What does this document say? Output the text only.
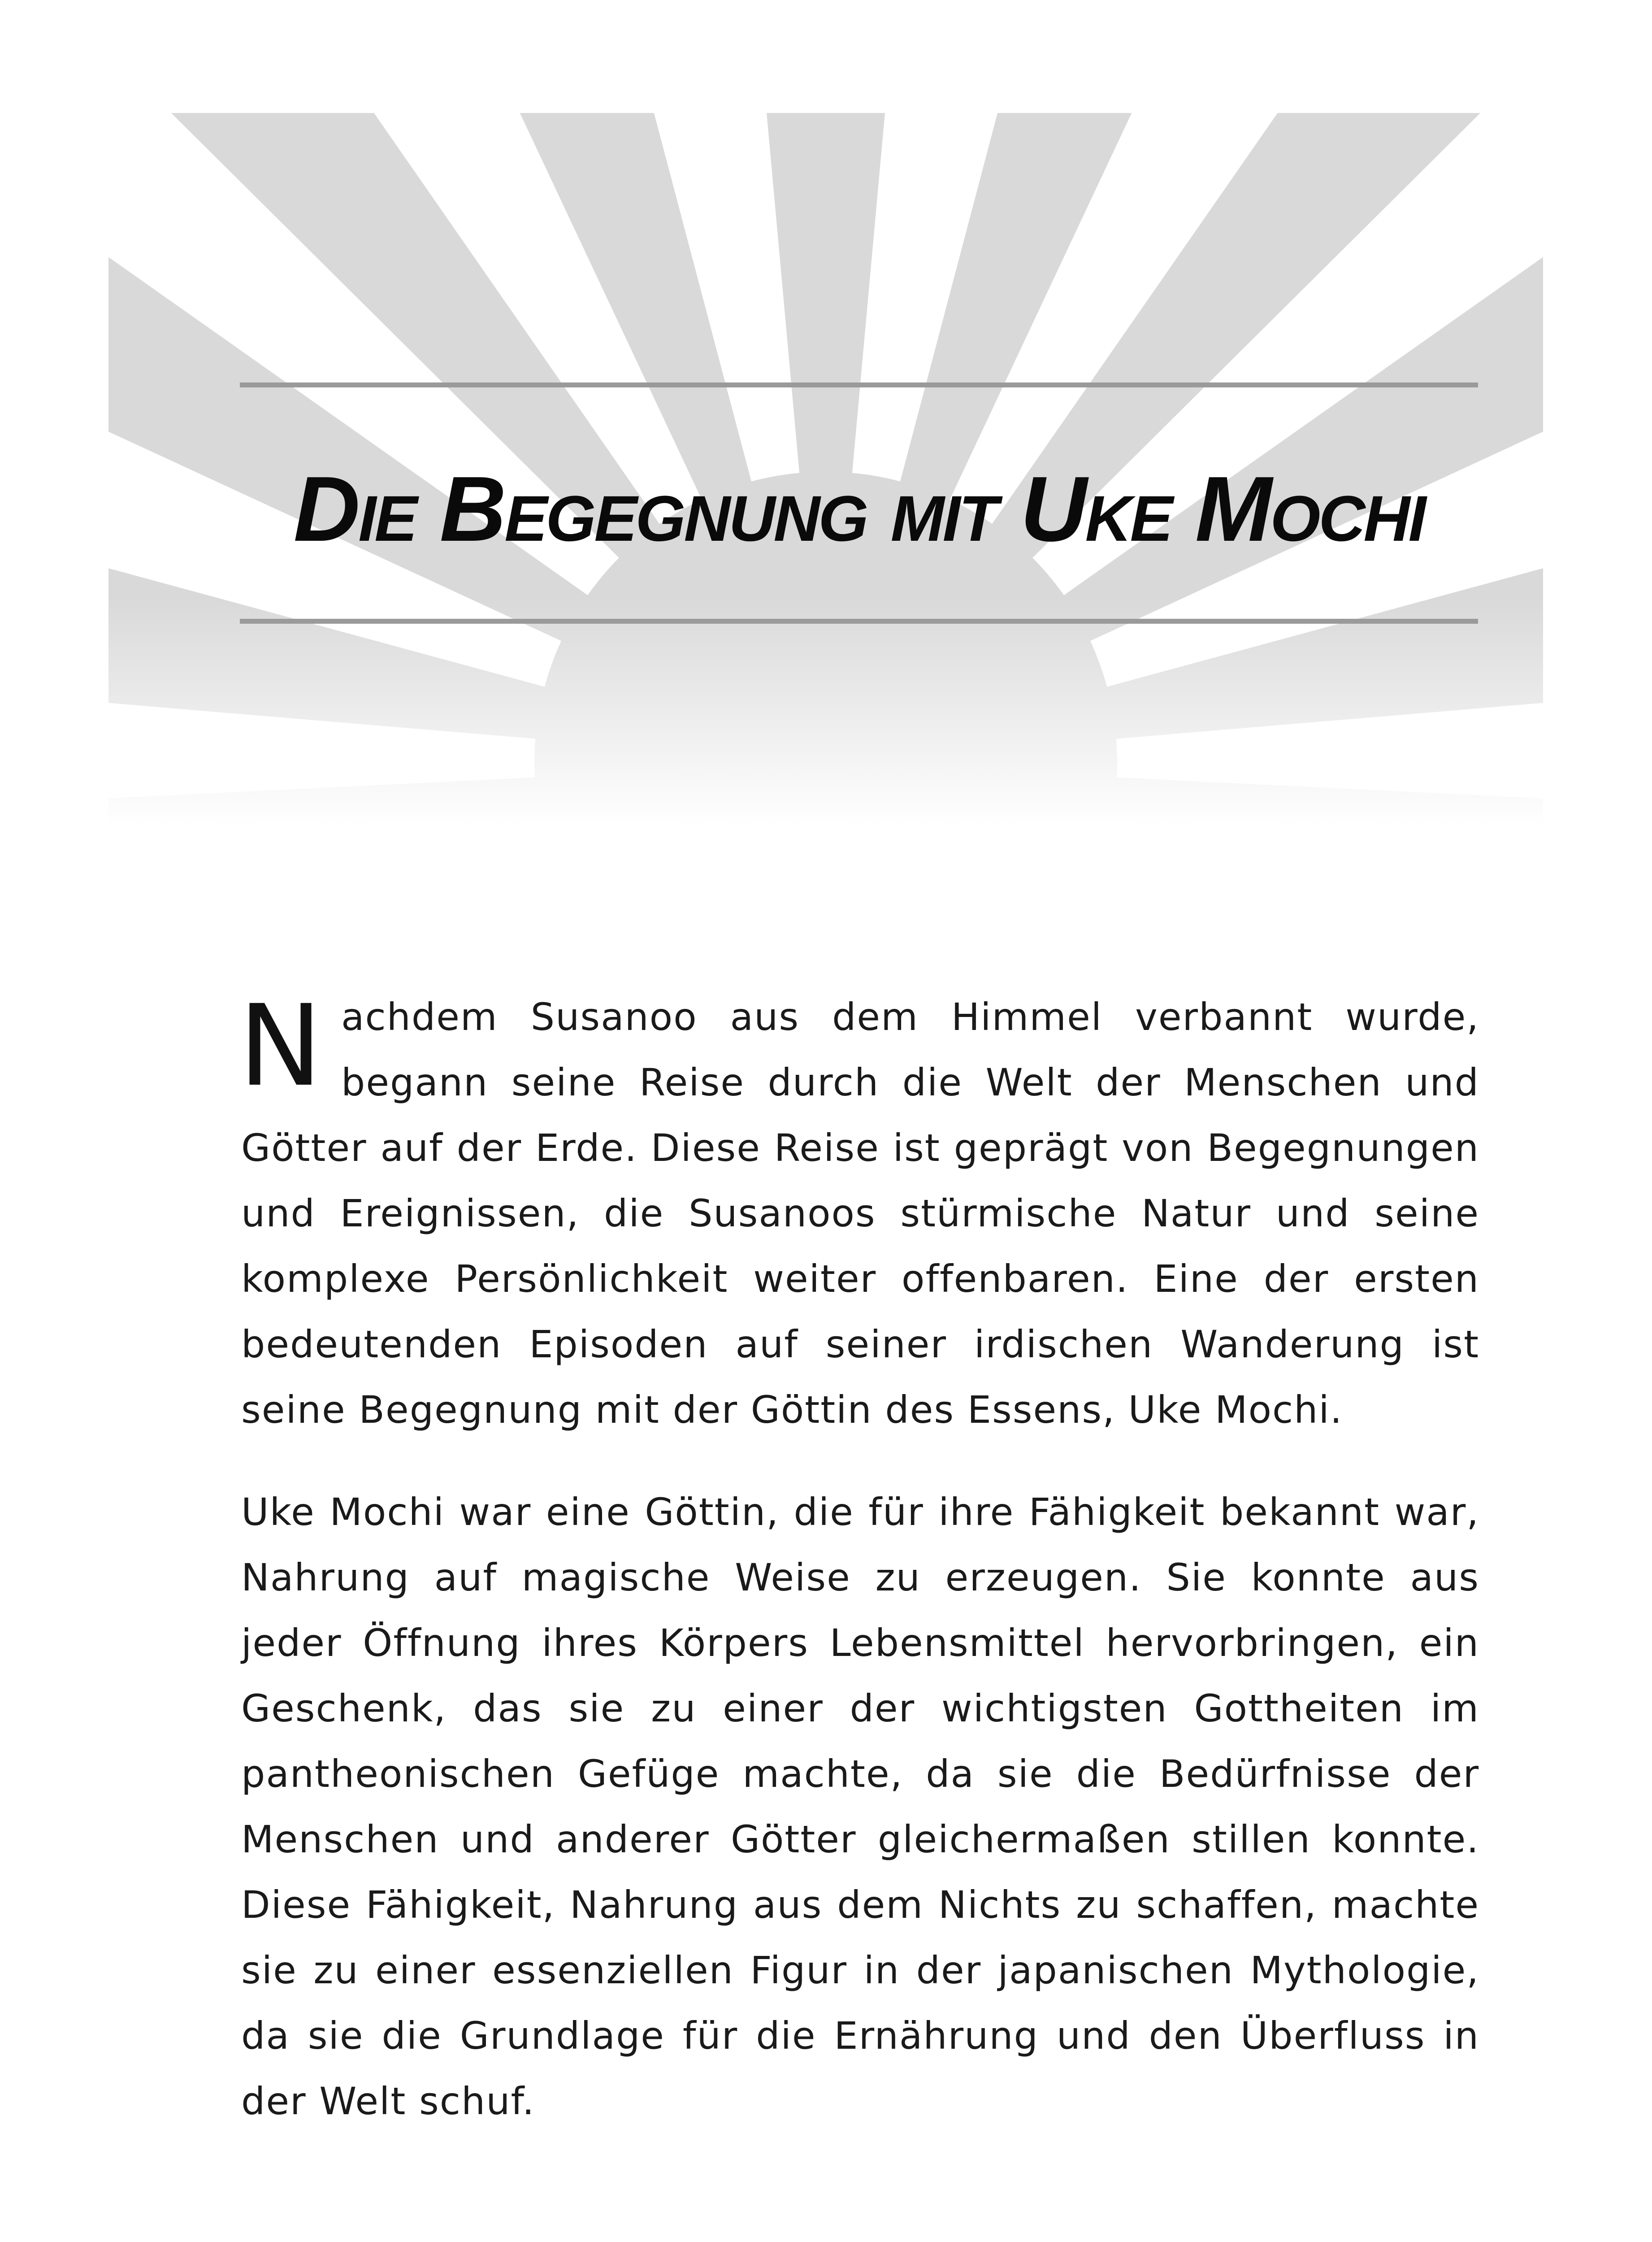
Die Begegnung mit Uke Mochi

Nachdem Susanoo aus dem Himmel verbannt wurde, begann seine Reise durch die Welt der Menschen und Götter auf der Erde. Diese Reise ist geprägt von Begegnungen und Ereignissen, die Susanoos stürmische Natur und seine komplexe Persönlichkeit weiter offenbaren. Eine der ersten bedeutenden Episoden auf seiner irdischen Wanderung ist seine Begegnung mit der Göttin des Essens, Uke Mochi.

Uke Mochi war eine Göttin, die für ihre Fähigkeit bekannt war, Nahrung auf magische Weise zu erzeugen. Sie konnte aus jeder Öffnung ihres Körpers Lebensmittel hervorbringen, ein Geschenk, das sie zu einer der wichtigsten Gottheiten im pantheonischen Gefüge machte, da sie die Bedürfnisse der Menschen und anderer Götter gleichermaßen stillen konnte. Diese Fähigkeit, Nahrung aus dem Nichts zu schaffen, machte sie zu einer essenziellen Figur in der japanischen Mythologie, da sie die Grundlage für die Ernährung und den Überfluss in der Welt schuf.
